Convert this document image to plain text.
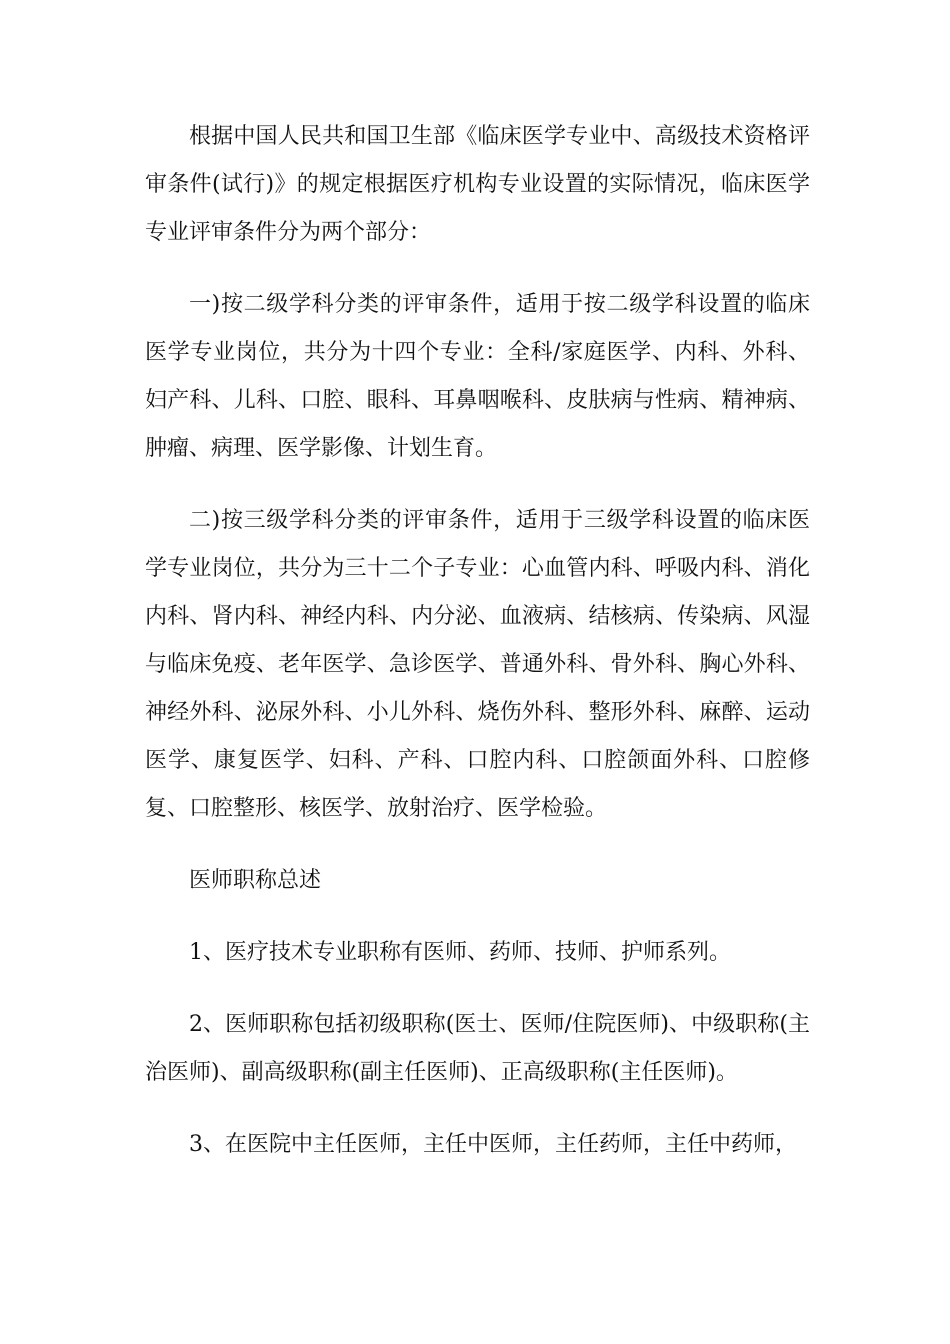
根据中国人民共和国卫生部《临床医学专业中、高级技术资格评审条件(试行)》的规定根据医疗机构专业设置的实际情况，临床医学专业评审条件分为两个部分：

一)按二级学科分类的评审条件，适用于按二级学科设置的临床医学专业岗位，共分为十四个专业：全科/家庭医学、内科、外科、妇产科、儿科、口腔、眼科、耳鼻咽喉科、皮肤病与性病、精神病、肿瘤、病理、医学影像、计划生育。

二)按三级学科分类的评审条件，适用于三级学科设置的临床医学专业岗位，共分为三十二个子专业：心血管内科、呼吸内科、消化内科、肾内科、神经内科、内分泌、血液病、结核病、传染病、风湿与临床免疫、老年医学、急诊医学、普通外科、骨外科、胸心外科、神经外科、泌尿外科、小儿外科、烧伤外科、整形外科、麻醉、运动医学、康复医学、妇科、产科、口腔内科、口腔颌面外科、口腔修复、口腔整形、核医学、放射治疗、医学检验。

医师职称总述

1、医疗技术专业职称有医师、药师、技师、护师系列。

2、医师职称包括初级职称(医士、医师/住院医师)、中级职称(主治医师)、副高级职称(副主任医师)、正高级职称(主任医师)。

3、在医院中主任医师，主任中医师，主任药师，主任中药师，
